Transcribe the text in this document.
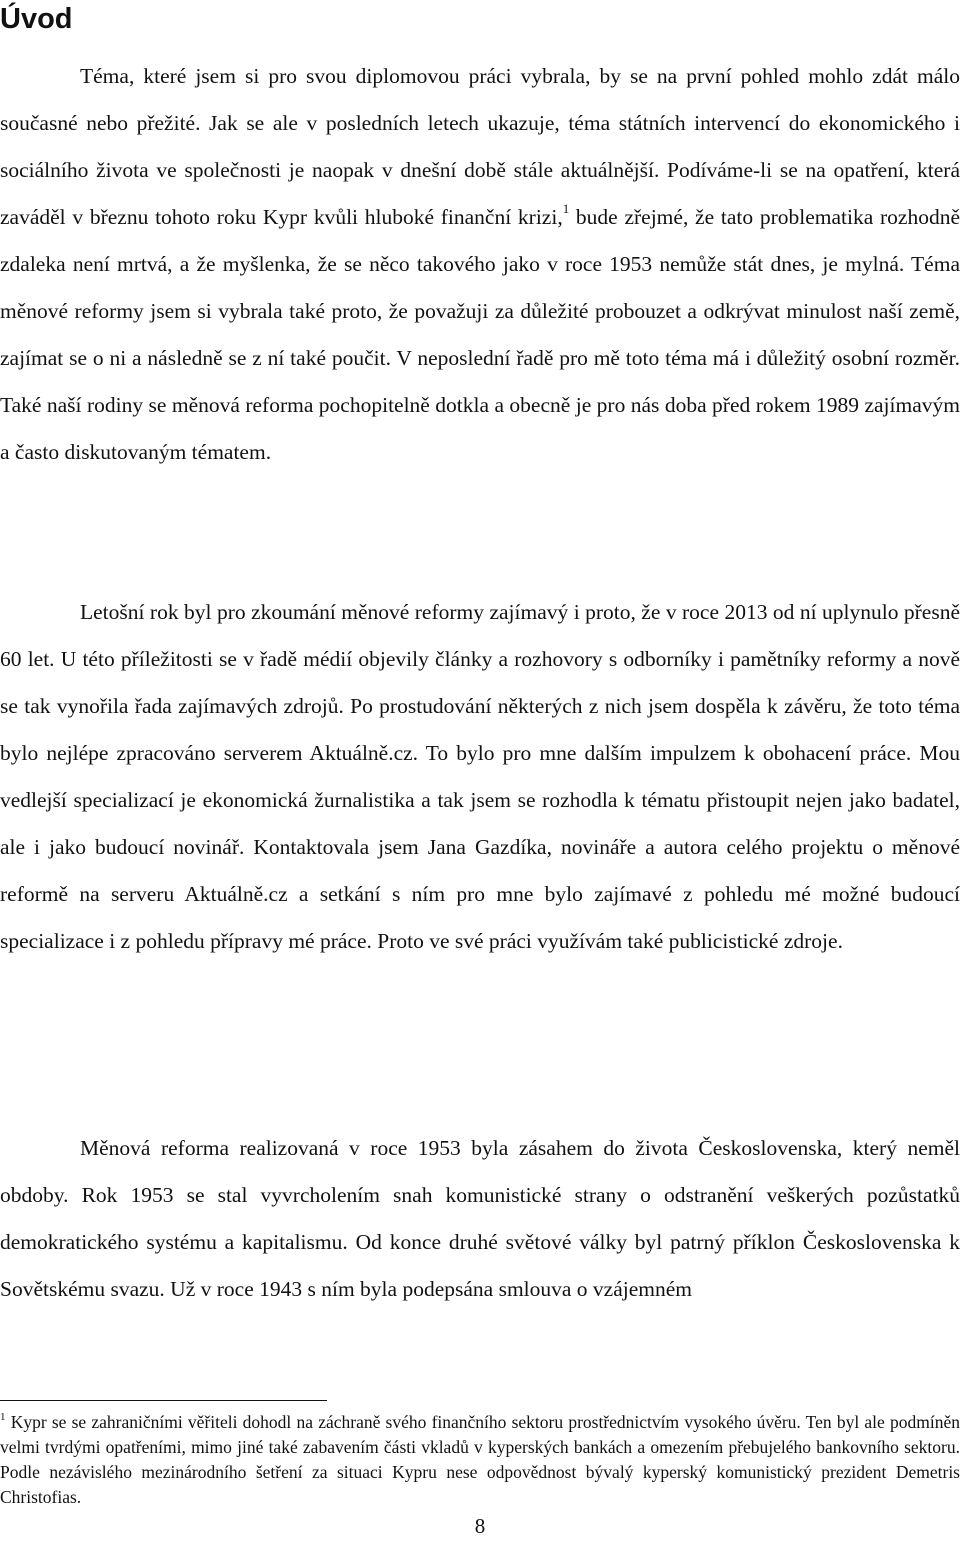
Úvod

Téma, které jsem si pro svou diplomovou práci vybrala, by se na první pohled mohlo zdát málo současné nebo přežité. Jak se ale v posledních letech ukazuje, téma státních intervencí do ekonomického i sociálního života ve společnosti je naopak v dnešní době stále aktuálnější. Podíváme-li se na opatření, která zaváděl v březnu tohoto roku Kypr kvůli hluboké finanční krizi,$^1$ bude zřejmé, že tato problematika rozhodně zdaleka není mrtvá, a že myšlenka, že se něco takového jako v roce 1953 nemůže stát dnes, je mylná. Téma měnové reformy jsem si vybrala také proto, že považuji za důležité probouzet a odkrývat minulost naší země, zajímat se o ni a následně se z ní také poučit. V neposlední řadě pro mě toto téma má i důležitý osobní rozměr. Také naší rodiny se měnová reforma pochopitelně dotkla a obecně je pro nás doba před rokem 1989 zajímavým a často diskutovaným tématem.

Letošní rok byl pro zkoumání měnové reformy zajímavý i proto, že v roce 2013 od ní uplynulo přesně 60 let. U této příležitosti se v řadě médií objevily články a rozhovory s odborníky i pamětníky reformy a nově se tak vynořila řada zajímavých zdrojů. Po prostudování některých z nich jsem dospěla k závěru, že toto téma bylo nejlépe zpracováno serverem Aktuálně.cz. To bylo pro mne dalším impulzem k obohacení práce. Mou vedlejší specializací je ekonomická žurnalistika a tak jsem se rozhodla k tématu přistoupit nejen jako badatel, ale i jako budoucí novinář. Kontaktovala jsem Jana Gazdíka, novináře a autora celého projektu o měnové reformě na serveru Aktuálně.cz a setkání s ním pro mne bylo zajímavé z pohledu mé možné budoucí specializace i z pohledu přípravy mé práce. Proto ve své práci využívám také publicistické zdroje.

Měnová reforma realizovaná v roce 1953 byla zásahem do života Československa, který neměl obdoby. Rok 1953 se stal vyvrcholením snah komunistické strany o odstranění veškerých pozůstatků demokratického systému a kapitalismu. Od konce druhé světové války byl patrný příklon Československa k Sovětskému svazu. Už v roce 1943 s ním byla podepsána smlouva o vzájemném

$^1$ Kypr se se zahraničními věřiteli dohodl na záchraně svého finančního sektoru prostřednictvím vysokého úvěru. Ten byl ale podmíněn velmi tvrdými opatřeními, mimo jiné také zabavením části vkladů v kyperských bankách a omezením přebujelého bankovního sektoru. Podle nezávislého mezinárodního šetření za situaci Kypru nese odpovědnost bývalý kyperský komunistický prezident Demetris Christofias.

8
